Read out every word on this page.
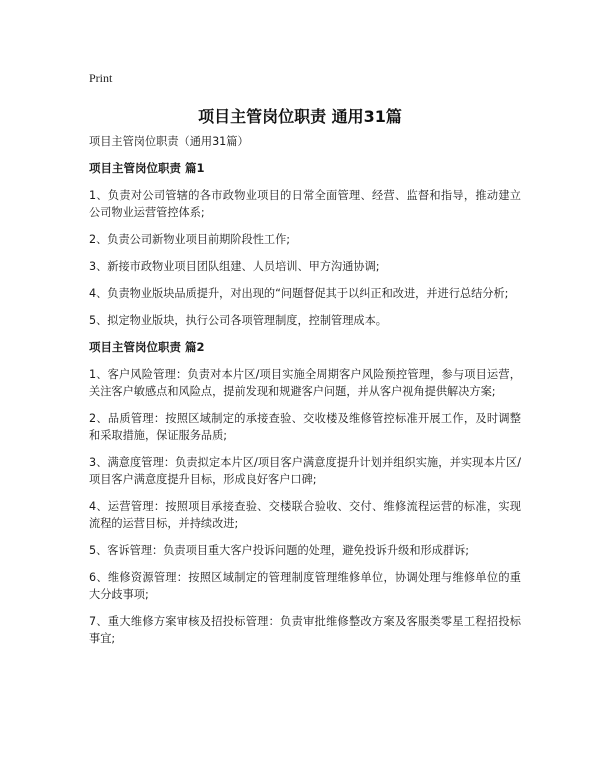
Print
项目主管岗位职责 通用31篇

项目主管岗位职责（通用31篇）

项目主管岗位职责 篇1

1、负责对公司管辖的各市政物业项目的日常全面管理、经营、监督和指导，推动建立公司物业运营管控体系;

2、负责公司新物业项目前期阶段性工作;

3、新接市政物业项目团队组建、人员培训、甲方沟通协调;

4、负责物业版块品质提升，对出现的“问题督促其于以纠正和改进，并进行总结分析;

5、拟定物业版块，执行公司各项管理制度，控制管理成本。

项目主管岗位职责 篇2

1、客户风险管理：负责对本片区/项目实施全周期客户风险预控管理，参与项目运营，关注客户敏感点和风险点，提前发现和规避客户问题，并从客户视角提供解决方案;

2、品质管理：按照区域制定的承接查验、交收楼及维修管控标准开展工作，及时调整和采取措施，保证服务品质;

3、满意度管理：负责拟定本片区/项目客户满意度提升计划并组织实施，并实现本片区/项目客户满意度提升目标，形成良好客户口碑;

4、运营管理：按照项目承接查验、交楼联合验收、交付、维修流程运营的标准，实现流程的运营目标，并持续改进;

5、客诉管理：负责项目重大客户投诉问题的处理，避免投诉升级和形成群诉;

6、维修资源管理：按照区域制定的管理制度管理维修单位，协调处理与维修单位的重大分歧事项;

7、重大维修方案审核及招投标管理：负责审批维修整改方案及客服类零星工程招投标事宜;
